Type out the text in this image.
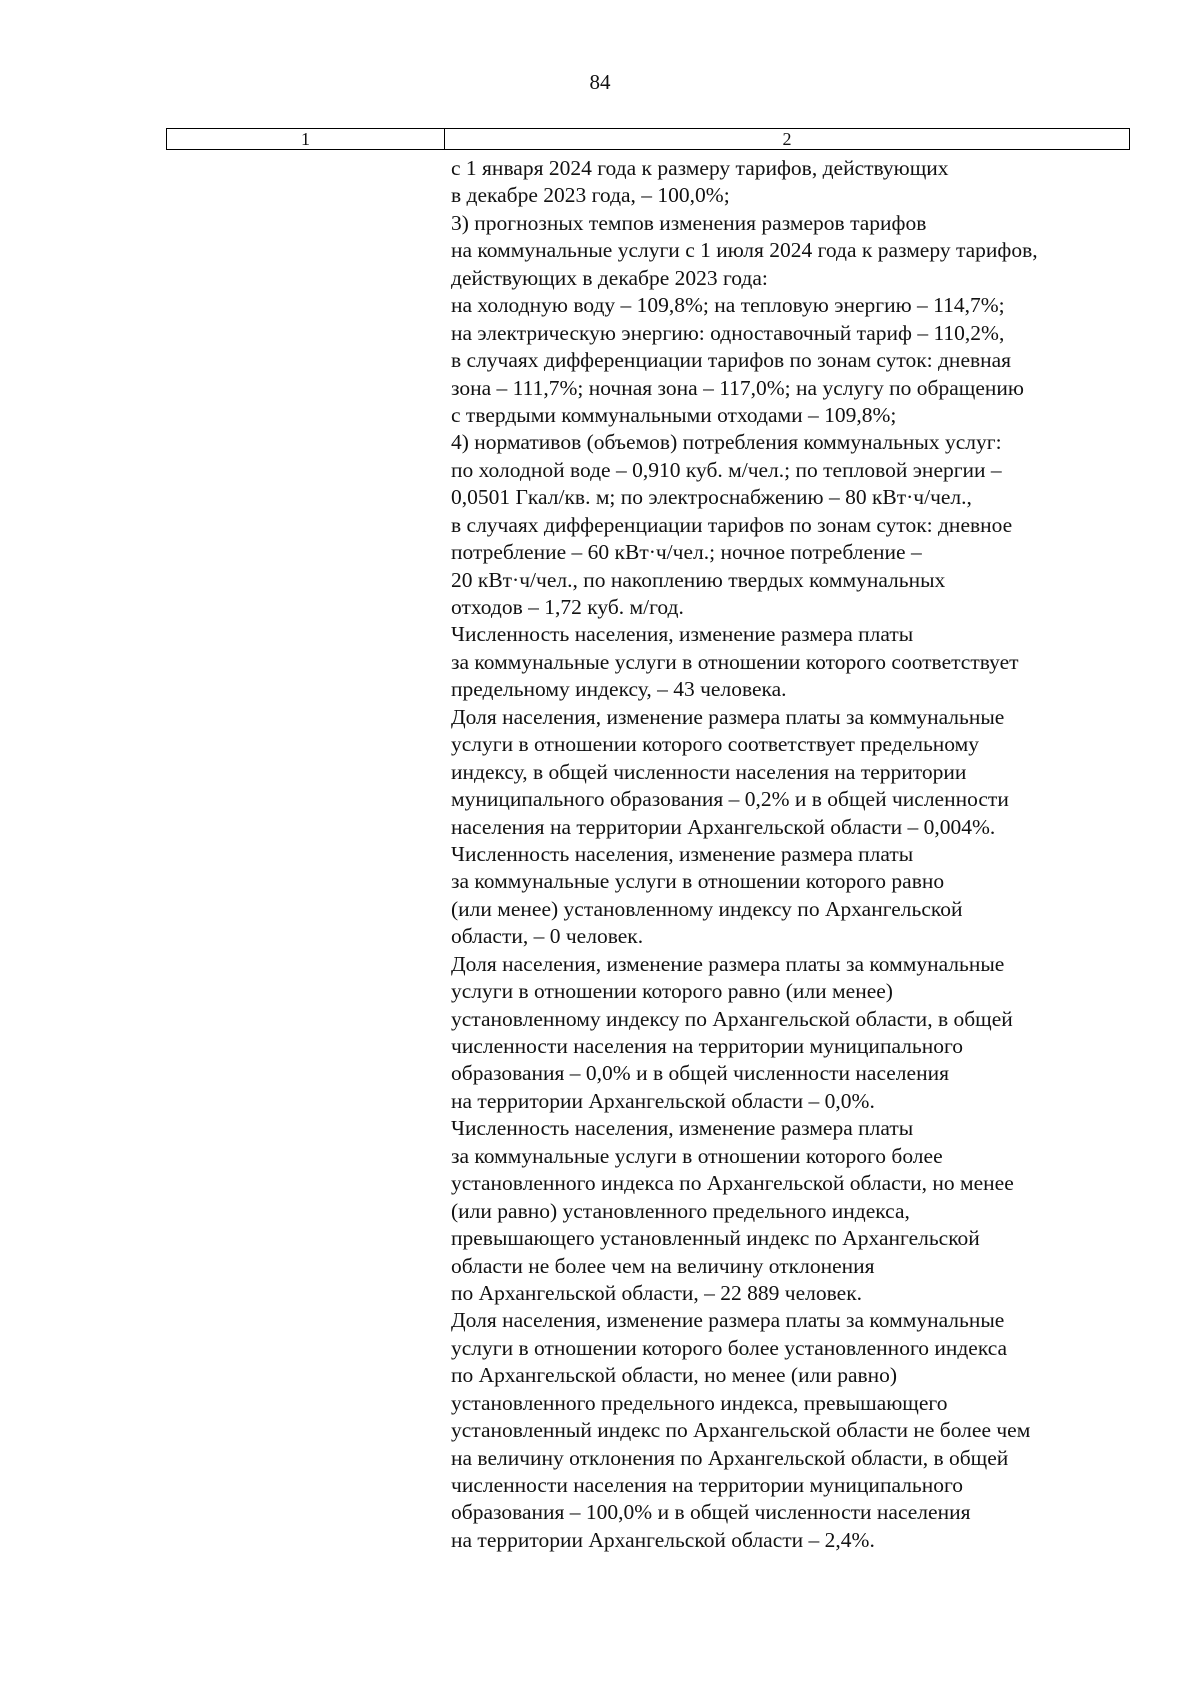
84
1	2
с 1 января 2024 года к размеру тарифов, действующих
в декабре 2023 года, – 100,0%;
3) прогнозных темпов изменения размеров тарифов
на коммунальные услуги с 1 июля 2024 года к размеру тарифов,
действующих в декабре 2023 года:
на холодную воду – 109,8%; на тепловую энергию – 114,7%;
на электрическую энергию: одноставочный тариф – 110,2%,
в случаях дифференциации тарифов по зонам суток: дневная
зона – 111,7%; ночная зона – 117,0%; на услугу по обращению
с твердыми коммунальными отходами – 109,8%;
4) нормативов (объемов) потребления коммунальных услуг:
по холодной воде – 0,910 куб. м/чел.; по тепловой энергии –
0,0501 Гкал/кв. м; по электроснабжению – 80 кВт·ч/чел.,
в случаях дифференциации тарифов по зонам суток: дневное
потребление – 60 кВт·ч/чел.; ночное потребление –
20 кВт·ч/чел., по накоплению твердых коммунальных
отходов – 1,72 куб. м/год.
Численность населения, изменение размера платы
за коммунальные услуги в отношении которого соответствует
предельному индексу, – 43 человека.
Доля населения, изменение размера платы за коммунальные
услуги в отношении которого соответствует предельному
индексу, в общей численности населения на территории
муниципального образования – 0,2% и в общей численности
населения на территории Архангельской области – 0,004%.
Численность населения, изменение размера платы
за коммунальные услуги в отношении которого равно
(или менее) установленному индексу по Архангельской
области, – 0 человек.
Доля населения, изменение размера платы за коммунальные
услуги в отношении которого равно (или менее)
установленному индексу по Архангельской области, в общей
численности населения на территории муниципального
образования – 0,0% и в общей численности населения
на территории Архангельской области – 0,0%.
Численность населения, изменение размера платы
за коммунальные услуги в отношении которого более
установленного индекса по Архангельской области, но менее
(или равно) установленного предельного индекса,
превышающего установленный индекс по Архангельской
области не более чем на величину отклонения
по Архангельской области, – 22 889 человек.
Доля населения, изменение размера платы за коммунальные
услуги в отношении которого более установленного индекса
по Архангельской области, но менее (или равно)
установленного предельного индекса, превышающего
установленный индекс по Архангельской области не более чем
на величину отклонения по Архангельской области, в общей
численности населения на территории муниципального
образования – 100,0% и в общей численности населения
на территории Архангельской области – 2,4%.
